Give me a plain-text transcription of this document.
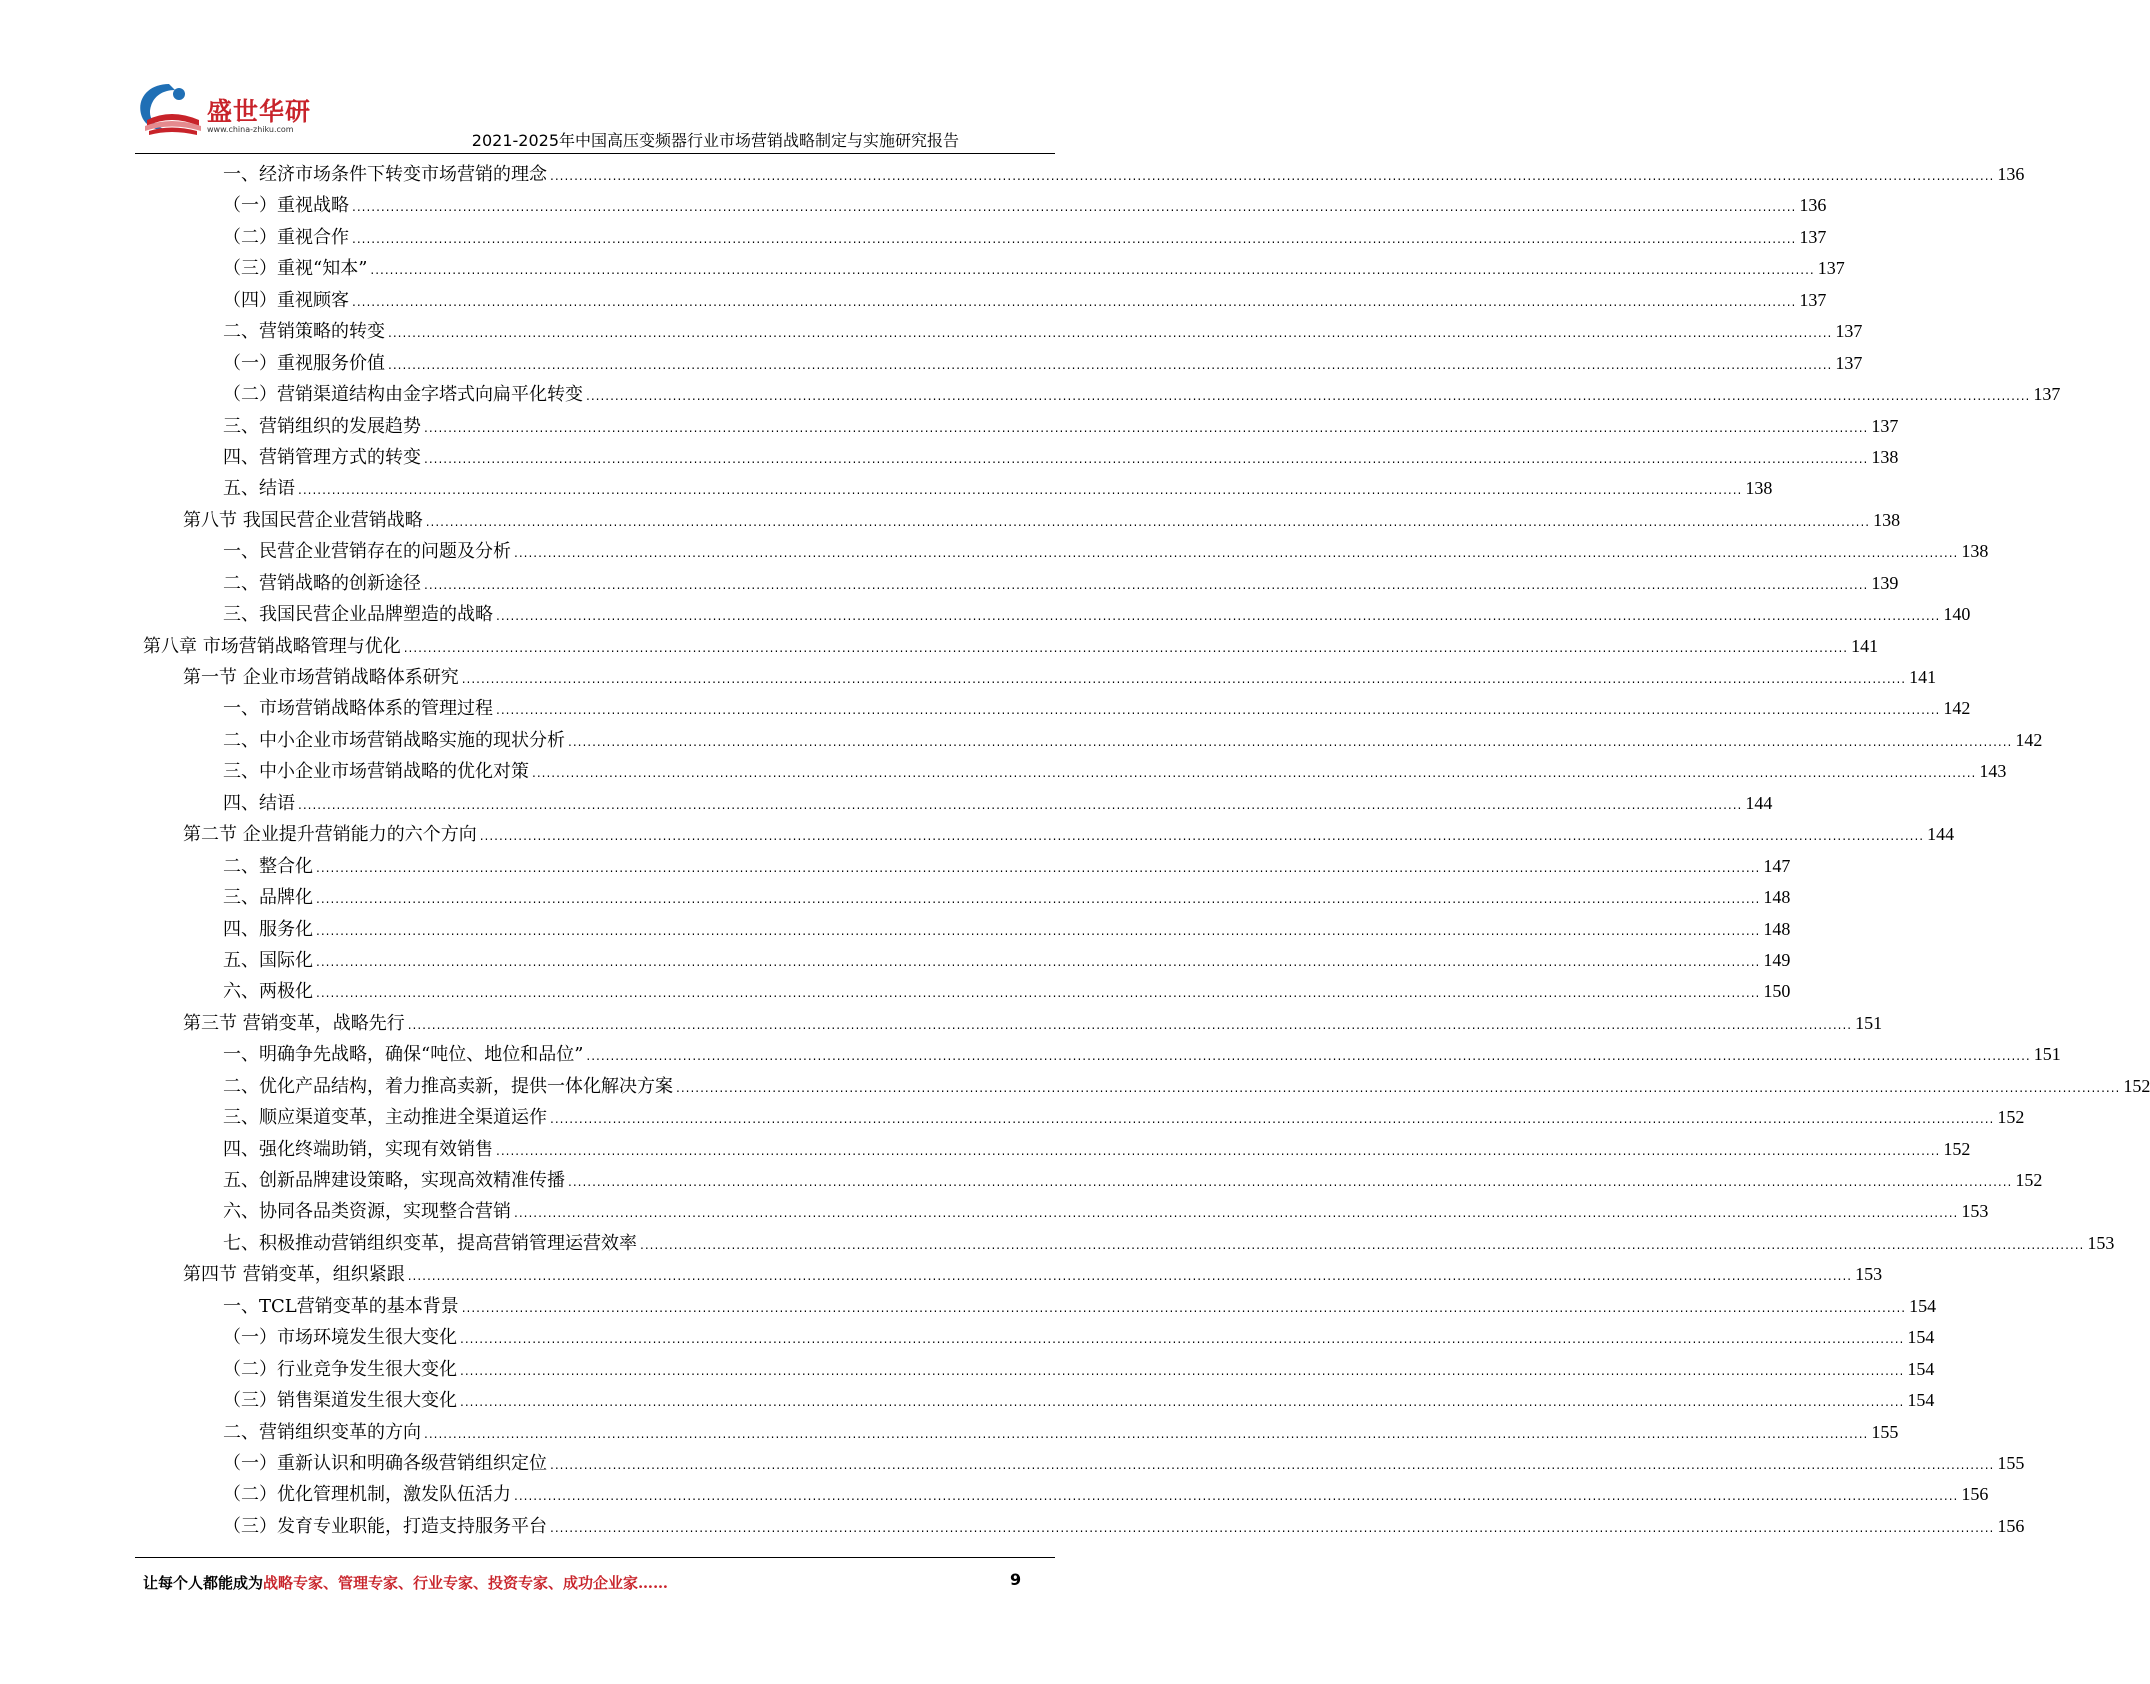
盛世华研
www.china-zhiku.com
2021-2025年中国高压变频器行业市场营销战略制定与实施研究报告
一、经济市场条件下转变市场营销的理念 ............................................................................................................................................................................................................................................................................................................ 136
（一）重视战略 ............................................................................................................................................................................................................................................................................................................ 136
（二）重视合作 ............................................................................................................................................................................................................................................................................................................ 137
（三）重视“知本” ............................................................................................................................................................................................................................................................................................................ 137
（四）重视顾客 ............................................................................................................................................................................................................................................................................................................ 137
二、营销策略的转变 ............................................................................................................................................................................................................................................................................................................ 137
（一）重视服务价值 ............................................................................................................................................................................................................................................................................................................ 137
（二）营销渠道结构由金字塔式向扁平化转变 ............................................................................................................................................................................................................................................................................................................ 137
三、营销组织的发展趋势 ............................................................................................................................................................................................................................................................................................................ 137
四、营销管理方式的转变 ............................................................................................................................................................................................................................................................................................................ 138
五、结语 ............................................................................................................................................................................................................................................................................................................ 138
第八节 我国民营企业营销战略 ............................................................................................................................................................................................................................................................................................................ 138
一、民营企业营销存在的问题及分析 ............................................................................................................................................................................................................................................................................................................ 138
二、营销战略的创新途径 ............................................................................................................................................................................................................................................................................................................ 139
三、我国民营企业品牌塑造的战略 ............................................................................................................................................................................................................................................................................................................ 140
第八章 市场营销战略管理与优化 ............................................................................................................................................................................................................................................................................................................ 141
第一节 企业市场营销战略体系研究 ............................................................................................................................................................................................................................................................................................................ 141
一、市场营销战略体系的管理过程 ............................................................................................................................................................................................................................................................................................................ 142
二、中小企业市场营销战略实施的现状分析 ............................................................................................................................................................................................................................................................................................................ 142
三、中小企业市场营销战略的优化对策 ............................................................................................................................................................................................................................................................................................................ 143
四、结语 ............................................................................................................................................................................................................................................................................................................ 144
第二节 企业提升营销能力的六个方向 ............................................................................................................................................................................................................................................................................................................ 144
二、整合化 ............................................................................................................................................................................................................................................................................................................ 147
三、品牌化 ............................................................................................................................................................................................................................................................................................................ 148
四、服务化 ............................................................................................................................................................................................................................................................................................................ 148
五、国际化 ............................................................................................................................................................................................................................................................................................................ 149
六、两极化 ............................................................................................................................................................................................................................................................................................................ 150
第三节 营销变革，战略先行 ............................................................................................................................................................................................................................................................................................................ 151
一、明确争先战略，确保“吨位、地位和品位” ............................................................................................................................................................................................................................................................................................................ 151
二、优化产品结构，着力推高卖新，提供一体化解决方案 ............................................................................................................................................................................................................................................................................................................ 152
三、顺应渠道变革，主动推进全渠道运作 ............................................................................................................................................................................................................................................................................................................ 152
四、强化终端助销，实现有效销售 ............................................................................................................................................................................................................................................................................................................ 152
五、创新品牌建设策略，实现高效精准传播 ............................................................................................................................................................................................................................................................................................................ 152
六、协同各品类资源，实现整合营销 ............................................................................................................................................................................................................................................................................................................ 153
七、积极推动营销组织变革，提高营销管理运营效率 ............................................................................................................................................................................................................................................................................................................ 153
第四节 营销变革，组织紧跟 ............................................................................................................................................................................................................................................................................................................ 153
一、TCL营销变革的基本背景 ............................................................................................................................................................................................................................................................................................................ 154
（一）市场环境发生很大变化 ............................................................................................................................................................................................................................................................................................................ 154
（二）行业竞争发生很大变化 ............................................................................................................................................................................................................................................................................................................ 154
（三）销售渠道发生很大变化 ............................................................................................................................................................................................................................................................................................................ 154
二、营销组织变革的方向 ............................................................................................................................................................................................................................................................................................................ 155
（一）重新认识和明确各级营销组织定位 ............................................................................................................................................................................................................................................................................................................ 155
（二）优化管理机制，激发队伍活力 ............................................................................................................................................................................................................................................................................................................ 156
（三）发育专业职能，打造支持服务平台 ............................................................................................................................................................................................................................................................................................................ 156
让每个人都能成为战略专家、管理专家、行业专家、投资专家、成功企业家……	9
